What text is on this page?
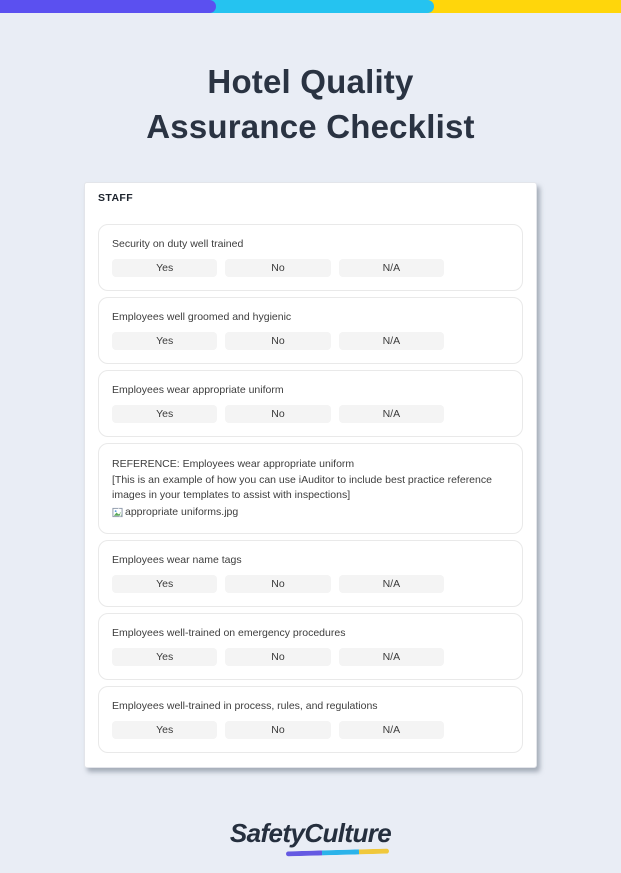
Hotel Quality
Assurance Checklist
STAFF
Security on duty well trained
Yes	No	N/A
Employees well groomed and hygienic
Yes	No	N/A
Employees wear appropriate uniform
Yes	No	N/A
REFERENCE: Employees wear appropriate uniform
[This is an example of how you can use iAuditor to include best practice reference images in your templates to assist with inspections]
appropriate uniforms.jpg
Employees wear name tags
Yes	No	N/A
Employees well-trained on emergency procedures
Yes	No	N/A
Employees well-trained in process, rules, and regulations
Yes	No	N/A
SafetyCulture
